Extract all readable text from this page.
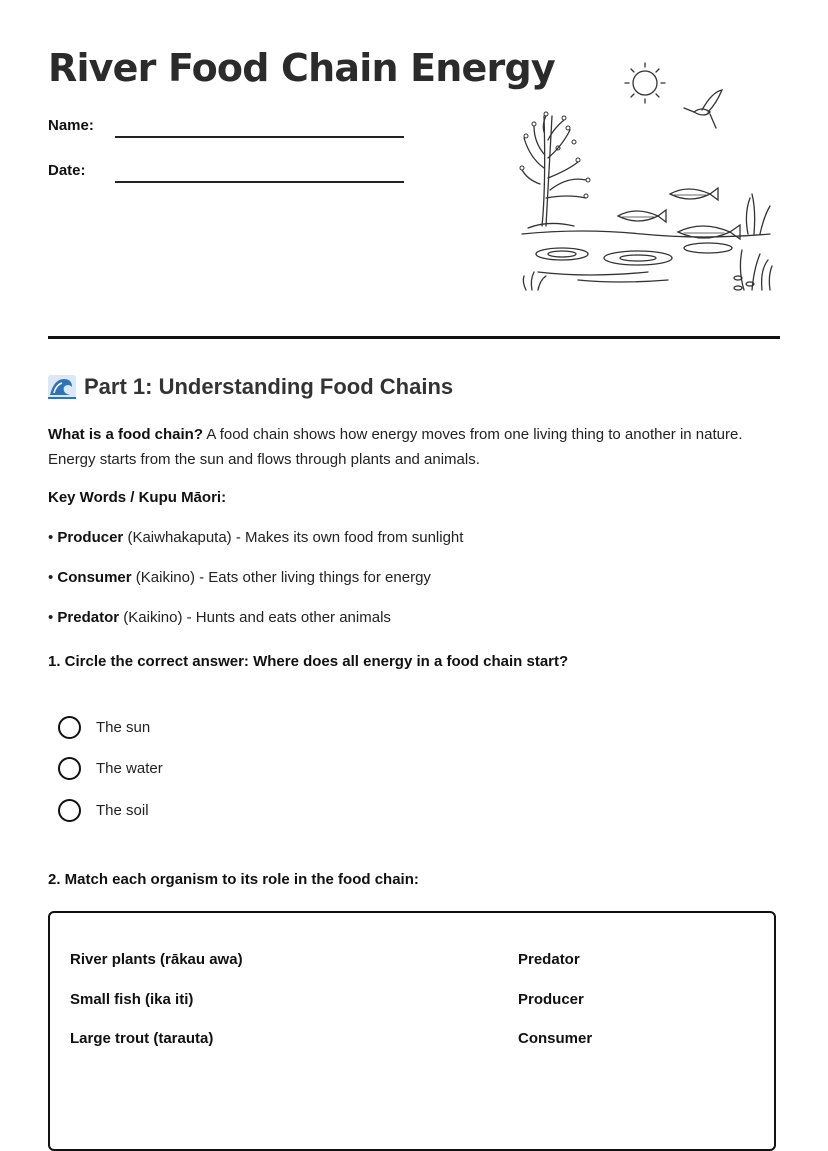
River Food Chain Energy
Name:
Date:
Part 1: Understanding Food Chains

What is a food chain? A food chain shows how energy moves from one living thing to another in nature. Energy starts from the sun and flows through plants and animals.

Key Words / Kupu Māori:
• Producer (Kaiwhakaputa) - Makes its own food from sunlight
• Consumer (Kaikino) - Eats other living things for energy
• Predator (Kaikino) - Hunts and eats other animals
1. Circle the correct answer: Where does all energy in a food chain start?
The sun
The water
The soil
2. Match each organism to its role in the food chain:
River plants (rākau awa)
Small fish (ika iti)
Large trout (tarauta)
Predator
Producer
Consumer
